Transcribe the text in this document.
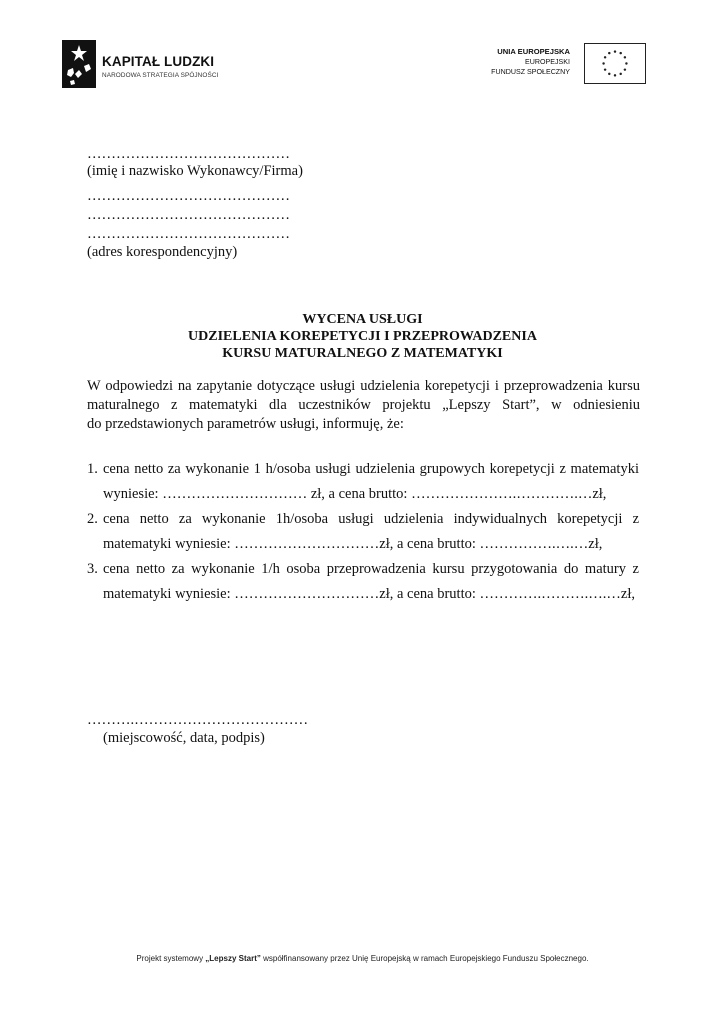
KAPITAŁ LUDZKI
NARODOWA STRATEGIA SPÓJNOŚCI
UNIA EUROPEJSKA
EUROPEJSKI
FUNDUSZ SPOŁECZNY
……………………………………
(imię i nazwisko Wykonawcy/Firma)
……………………………………
……………………………………
……………………………………
(adres korespondencyjny)
WYCENA USŁUGI
UDZIELENIA KOREPETYCJI I PRZEPROWADZENIA
KURSU MATURALNEGO Z MATEMATYKI
W odpowiedzi na zapytanie dotyczące usługi udzielenia korepetycji i przeprowadzenia kursu
maturalnego z matematyki dla uczestników projektu „Lepszy Start”, w odniesieniu
do przedstawionych parametrów usługi, informuję, że:
1. cena netto za wykonanie 1 h/osoba usługi udzielenia grupowych korepetycji z matematyki
wyniesie: ………………………… zł, a cena brutto: ………………….………….…zł,
2. cena netto za wykonanie 1h/osoba usługi udzielenia indywidualnych korepetycji z
matematyki wyniesie: …………………………zł, a cena brutto: …………….….…zł,
3. cena netto za wykonanie 1/h osoba przeprowadzenia kursu przygotowania do matury z
matematyki wyniesie: …………………………zł, a cena brutto: ………….……….….…zł,
……….………………………………
(miejscowość, data, podpis)
Projekt systemowy „Lepszy Start” współfinansowany przez Unię Europejską w ramach Europejskiego Funduszu Społecznego.
